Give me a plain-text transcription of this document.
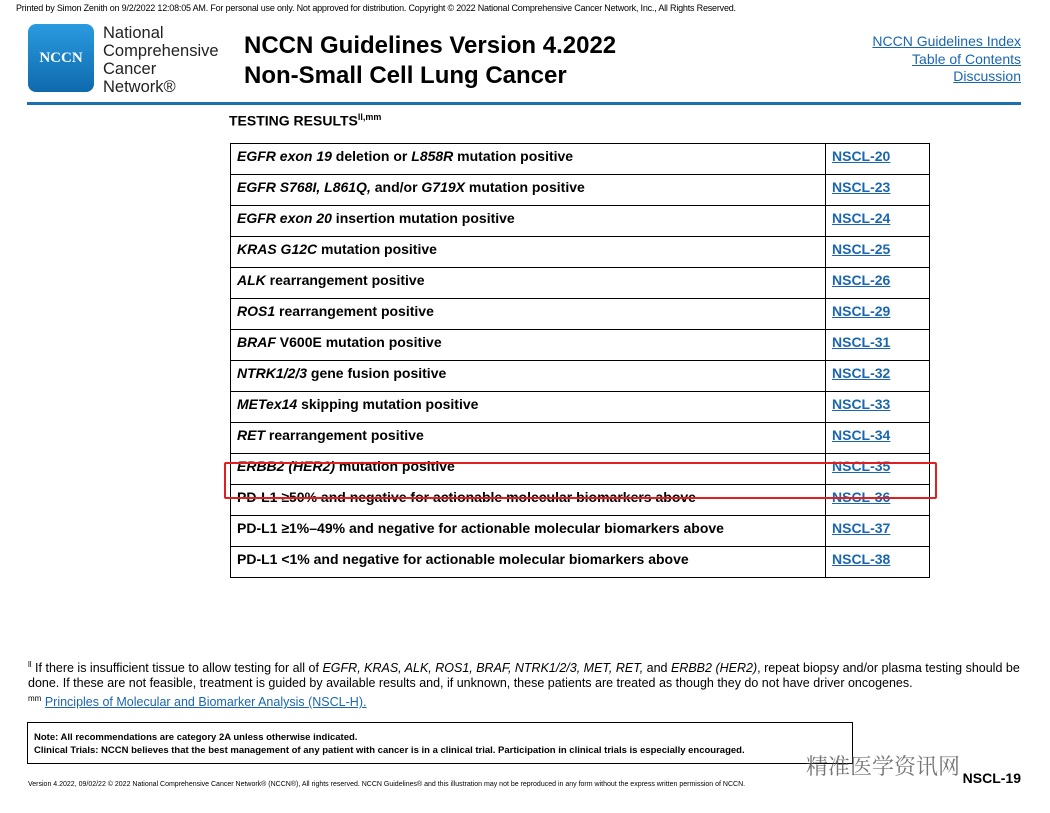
Printed by Simon Zenith on 9/2/2022 12:08:05 AM. For personal use only. Not approved for distribution. Copyright © 2022 National Comprehensive Cancer Network, Inc., All Rights Reserved.
NCCN
National
Comprehensive
Cancer
Network®
NCCN Guidelines Version 4.2022
Non-Small Cell Lung Cancer
NCCN Guidelines Index
Table of Contents
Discussion
TESTING $RESULTS^{ll,mm}$
EGFR exon 19 deletion or L858R mutation positive	NSCL-20
EGFR S768I, L861Q, and/or G719X mutation positive	NSCL-23
EGFR exon 20 insertion mutation positive	NSCL-24
KRAS G12C mutation positive	NSCL-25
ALK rearrangement positive	NSCL-26
ROS1 rearrangement positive	NSCL-29
BRAF V600E mutation positive	NSCL-31
NTRK1/2/3 gene fusion positive	NSCL-32
METex14 skipping mutation positive	NSCL-33
RET rearrangement positive	NSCL-34
ERBB2 (HER2) mutation positive	NSCL-35
PD-L1 ≥50% and negative for actionable molecular biomarkers above	NSCL-36
PD-L1 ≥1%–49% and negative for actionable molecular biomarkers above	NSCL-37
PD-L1 <1% and negative for actionable molecular biomarkers above	NSCL-38
$^{ll}$ If there is insufficient tissue to allow testing for all of EGFR, KRAS, ALK, ROS1, BRAF, NTRK1/2/3, MET, RET, and ERBB2 (HER2), repeat biopsy and/or plasma testing should be done. If these are not feasible, treatment is guided by available results and, if unknown, these patients are treated as though they do not have driver oncogenes.
$^{mm}$ Principles of Molecular and Biomarker Analysis (NSCL-H).
Note: All recommendations are category 2A unless otherwise indicated.
Clinical Trials: NCCN believes that the best management of any patient with cancer is in a clinical trial. Participation in clinical trials is especially encouraged.
精准医学资讯网
Version 4.2022, 09/02/22 © 2022 National Comprehensive Cancer Network® (NCCN®), All rights reserved. NCCN Guidelines® and this illustration may not be reproduced in any form without the express written permission of NCCN.	NSCL-19
